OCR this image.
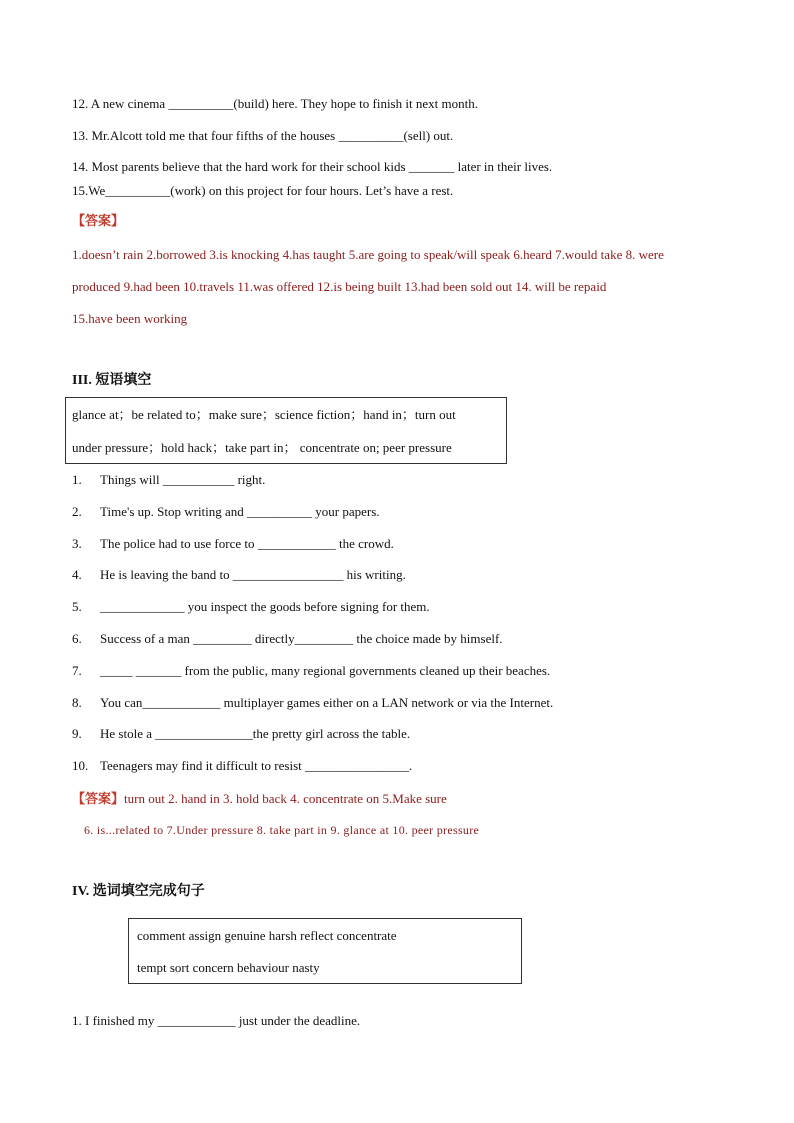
12. A new cinema __________(build) here. They hope to finish it next month.
13. Mr.Alcott told me that four fifths of the houses __________(sell) out.
14. Most parents believe that the hard work for their school kids _______ later in their lives.
15.We__________(work) on this project for four hours. Let’s have a rest.
【答案】
1.doesn’t rain 2.borrowed 3.is knocking 4.has taught 5.are going to speak/will speak 6.heard 7.would take 8. were
produced 9.had been 10.travels 11.was offered 12.is being built 13.had been sold out 14. will be repaid
15.have been working
III. 短语填空
glance at；be related to；make sure；science fiction；hand in；turn out
under pressure；hold hack；take part in； concentrate on; peer pressure
1. Things will ___________ right.
2. Time's up. Stop writing and __________ your papers.
3. The police had to use force to ____________ the crowd.
4. He is leaving the band to _________________ his writing.
5. _____________ you inspect the goods before signing for them.
6. Success of a man _________ directly_________ the choice made by himself.
7. _____ _______ from the public, many regional governments cleaned up their beaches.
8. You can____________ multiplayer games either on a LAN network or via the Internet.
9. He stole a _______________the pretty girl across the table.
10. Teenagers may find it difficult to resist ________________.
【答案】turn out 2. hand in 3. hold back 4. concentrate on 5.Make sure
6. is...related to 7.Under pressure 8. take part in 9. glance at 10. peer pressure
IV. 选词填空完成句子
comment assign genuine harsh reflect concentrate
tempt sort concern behaviour nasty
1. I finished my ____________ just under the deadline.
